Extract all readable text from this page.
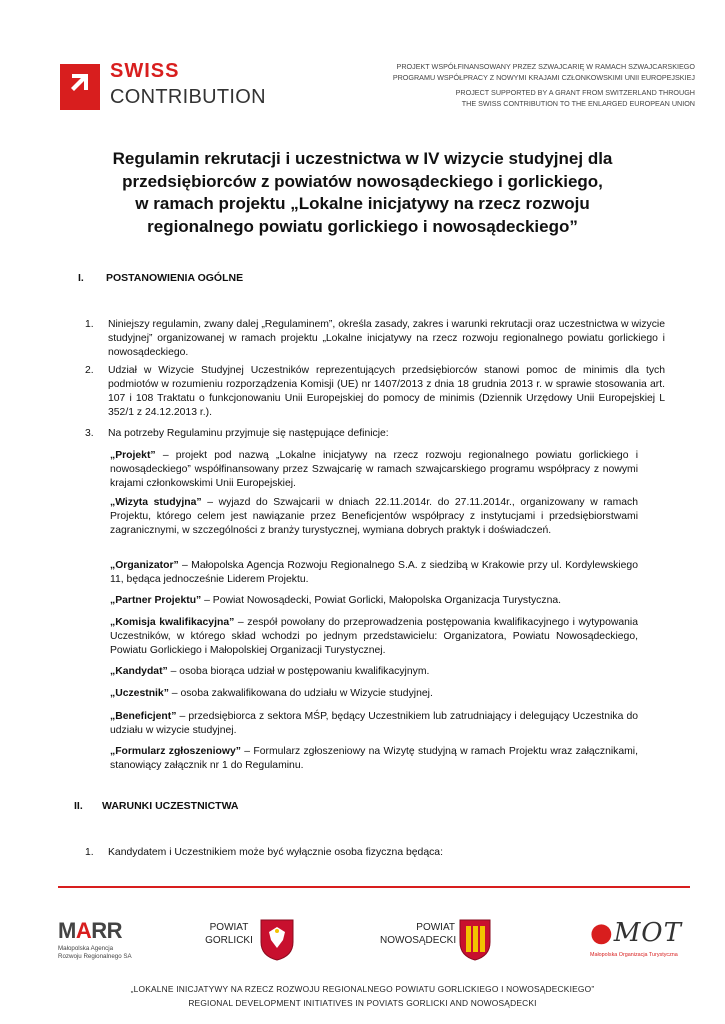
SWISS
CONTRIBUTION
PROJEKT WSPÓŁFINANSOWANY PRZEZ SZWAJCARIĘ W RAMACH SZWAJCARSKIEGO
PROGRAMU WSPÓŁPRACY Z NOWYMI KRAJAMI CZŁONKOWSKIMI UNII EUROPEJSKIEJ
PROJECT SUPPORTED BY A GRANT FROM SWITZERLAND THROUGH
THE SWISS CONTRIBUTION TO THE ENLARGED EUROPEAN UNION
Regulamin rekrutacji i uczestnictwa w IV wizycie studyjnej dla
przedsiębiorców z powiatów nowosądeckiego i gorlickiego,
w ramach projektu „Lokalne inicjatywy na rzecz rozwoju
regionalnego powiatu gorlickiego i nowosądeckiego”
I. POSTANOWIENIA OGÓLNE
1. Niniejszy regulamin, zwany dalej „Regulaminem”, określa zasady, zakres i warunki rekrutacji oraz uczestnictwa w wizycie studyjnej” organizowanej w ramach projektu „Lokalne inicjatywy na rzecz rozwoju regionalnego powiatu gorlickiego i nowosądeckiego.
2. Udział w Wizycie Studyjnej Uczestników reprezentujących przedsiębiorców stanowi pomoc de minimis dla tych podmiotów w rozumieniu rozporządzenia Komisji (UE) nr 1407/2013 z dnia 18 grudnia 2013 r. w sprawie stosowania art. 107 i 108 Traktatu o funkcjonowaniu Unii Europejskiej do pomocy de minimis (Dziennik Urzędowy Unii Europejskiej L 352/1 z 24.12.2013 r.).
3. Na potrzeby Regulaminu przyjmuje się następujące definicje:
„Projekt” – projekt pod nazwą „Lokalne inicjatywy na rzecz rozwoju regionalnego powiatu gorlickiego i nowosądeckiego” współfinansowany przez Szwajcarię w ramach szwajcarskiego programu współpracy z nowymi krajami członkowskimi Unii Europejskiej.
„Wizyta studyjna” – wyjazd do Szwajcarii w dniach 22.11.2014r. do 27.11.2014r., organizowany w ramach Projektu, którego celem jest nawiązanie przez Beneficjentów współpracy z instytucjami i przedsiębiorstwami zagranicznymi, w szczególności z branży turystycznej, wymiana dobrych praktyk i doświadczeń.
„Organizator” – Małopolska Agencja Rozwoju Regionalnego S.A. z siedzibą w Krakowie przy ul. Kordylewskiego 11, będąca jednocześnie Liderem Projektu.
„Partner Projektu” – Powiat Nowosądecki, Powiat Gorlicki, Małopolska Organizacja Turystyczna.
„Komisja kwalifikacyjna” – zespół powołany do przeprowadzenia postępowania kwalifikacyjnego i wytypowania Uczestników, w którego skład wchodzi po jednym przedstawicielu: Organizatora, Powiatu Nowosądeckiego, Powiatu Gorlickiego i Małopolskiej Organizacji Turystycznej.
„Kandydat” – osoba biorąca udział w postępowaniu kwalifikacyjnym.
„Uczestnik” – osoba zakwalifikowana do udziału w Wizycie studyjnej.
„Beneficjent” – przedsiębiorca z sektora MŚP, będący Uczestnikiem lub zatrudniający i delegujący Uczestnika do udziału w wizycie studyjnej.
„Formularz zgłoszeniowy” – Formularz zgłoszeniowy na Wizytę studyjną w ramach Projektu wraz załącznikami, stanowiący załącznik nr 1 do Regulaminu.
II. WARUNKI UCZESTNICTWA
1. Kandydatem i Uczestnikiem może być wyłącznie osoba fizyczna będąca:
MARR
Małopolska Agencja
Rozwoju Regionalnego SA
POWIAT
GORLICKI
POWIAT
NOWOSĄDECKI	●MOT
Małopolska Organizacja Turystyczna
„LOKALNE INICJATYWY NA RZECZ ROZWOJU REGIONALNEGO POWIATU GORLICKIEGO I NOWOSĄDECKIEGO”
REGIONAL DEVELOPMENT INITIATIVES IN POVIATS GORLICKI AND NOWOSĄDECKI
